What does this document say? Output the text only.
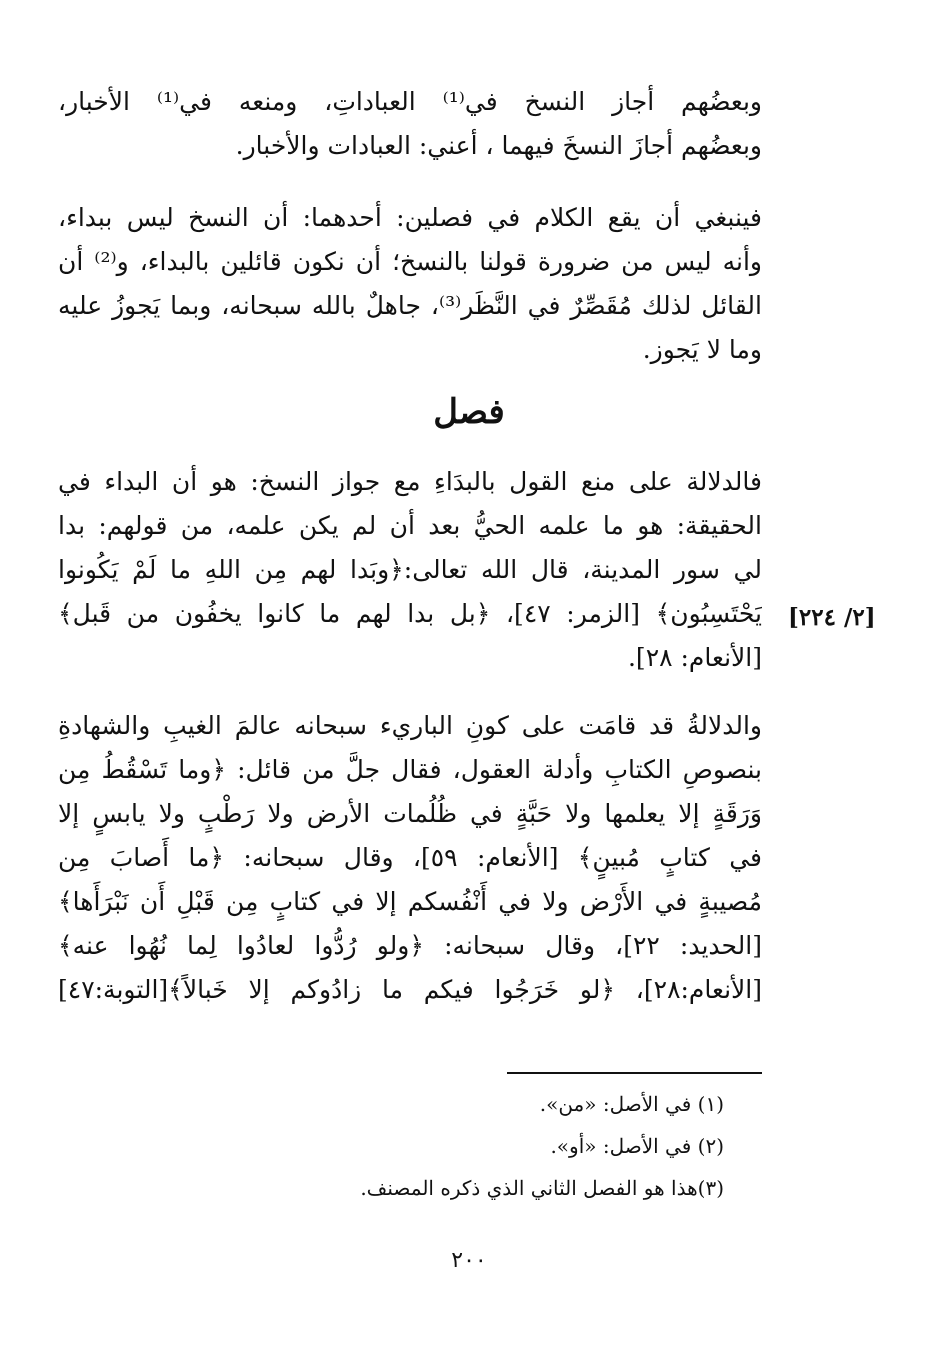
وبعضُهم أجاز النسخ في⁽¹⁾ العباداتِ، ومنعه في⁽¹⁾ الأخبار،
وبعضُهم أجازَ النسخَ فيهما ، أعني: العبادات والأخبار.
فينبغي أن يقع الكلام في فصلين: أحدهما: أن النسخ ليس ببداء،
وأنه ليس من ضرورة قولنا بالنسخ؛ أن نكون قائلين بالبداء، و⁽²⁾ أن
القائل لذلك مُقَصِّرٌ في النَّظَر⁽³⁾، جاهلٌ بالله سبحانه، وبما يَجوزُ عليه
وما لا يَجوز.
فصل
فالدلالة على منع القول بالبدَاءِ مع جواز النسخ: هو أن البداء في
الحقيقة: هو ما علمه الحيُّ بعد أن لم يكن علمه، من قولهم: بدا
لي سور المدينة، قال الله تعالى:﴿وبَدا لهم مِن اللهِ ما لَمْ يَكُونوا
يَحْتَسِبُون﴾ [الزمر: ٤٧]، ﴿بل بدا لهم ما كانوا يخفُون من قَبل﴾
[الأنعام: ٢٨].
[٢/ ٢٢٤]
والدلالةُ قد قامَت على كونِ الباريء سبحانه عالمَ الغيبِ والشهادةِ
بنصوصِ الكتابِ وأدلة العقول، فقال جلَّ من قائل: ﴿وما تَسْقُطُ مِن
وَرَقَةٍ إلا يعلمها ولا حَبَّةٍ في ظُلُمات الأرض ولا رَطْبٍ ولا يابسٍ إلا
في كتابٍ مُبينٍ﴾ [الأنعام: ٥٩]، وقال سبحانه: ﴿ما أَصابَ مِن
مُصيبةٍ في الأَرْض ولا في أَنْفُسكم إلا في كتابٍ مِن قَبْلِ أَن نَبْرَأَها﴾
[الحديد: ٢٢]، وقال سبحانه: ﴿ولو رُدُّوا لعادُوا لِما نُهُوا عنه﴾
[الأنعام:٢٨]، ﴿لو خَرَجُوا فيكم ما زادُوكم إلا خَبالاً﴾[التوبة:٤٧]
(١) في الأصل: «من».
(٢) في الأصل: «أو».
(٣)هذا هو الفصل الثاني الذي ذكره المصنف.
٢٠٠
